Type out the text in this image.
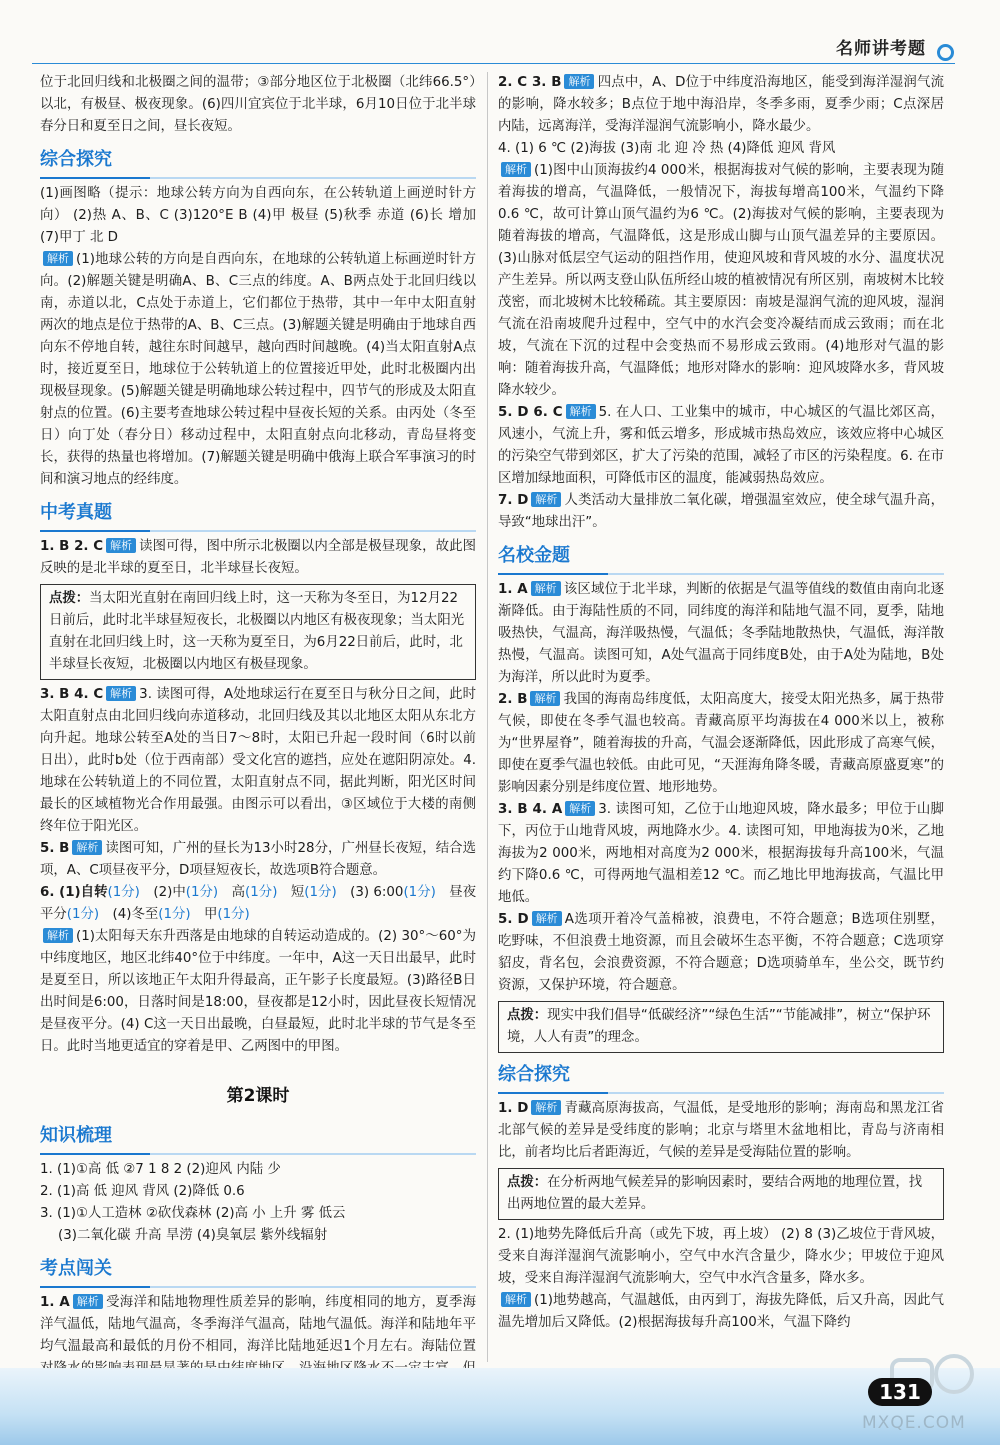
名师讲考题

位于北回归线和北极圈之间的温带；③部分地区位于北极圈（北纬66.5°）以北，有极昼、极夜现象。(6)四川宜宾位于北半球，6月10日位于北半球春分日和夏至日之间，昼长夜短。

综合探究

(1)画图略（提示：地球公转方向为自西向东，在公转轨道上画逆时针方向） (2)热 A、B、C (3)120°E B (4)甲 极昼 (5)秋季 赤道 (6)长 增加 (7)甲丁 北 D

解析 (1)地球公转的方向是自西向东，在地球的公转轨道上标画逆时针方向。(2)解题关键是明确A、B、C三点的纬度。A、B两点处于北回归线以南，赤道以北，C点处于赤道上，它们都位于热带，其中一年中太阳直射两次的地点是位于热带的A、B、C三点。(3)解题关键是明确由于地球自西向东不停地自转，越往东时间越早，越向西时间越晚。(4)当太阳直射A点时，接近夏至日，地球位于公转轨道上的位置接近甲处，此时北极圈内出现极昼现象。(5)解题关键是明确地球公转过程中，四节气的形成及太阳直射点的位置。(6)主要考查地球公转过程中昼夜长短的关系。由丙处（冬至日）向丁处（春分日）移动过程中，太阳直射点向北移动，青岛昼将变长，获得的热量也将增加。(7)解题关键是明确中俄海上联合军事演习的时间和演习地点的经纬度。

中考真题

1. B 2. C 解析 读图可得，图中所示北极圈以内全部是极昼现象，故此图反映的是北半球的夏至日，北半球昼长夜短。

点拨：当太阳光直射在南回归线上时，这一天称为冬至日，为12月22日前后，此时北半球昼短夜长，北极圈以内地区有极夜现象；当太阳光直射在北回归线上时，这一天称为夏至日，为6月22日前后，此时，北半球昼长夜短，北极圈以内地区有极昼现象。

3. B 4. C 解析 3. 读图可得，A处地球运行在夏至日与秋分日之间，此时太阳直射点由北回归线向赤道移动，北回归线及其以北地区太阳从东北方向升起。地球公转至A处的当日7～8时，太阳已升起一段时间（6时以前日出），此时b处（位于西南部）受文化宫的遮挡，应处在遮阳阴凉处。4. 地球在公转轨道上的不同位置，太阳直射点不同，据此判断，阳光区时间最长的区域植物光合作用最强。由图示可以看出，③区域位于大楼的南侧终年位于阳光区。

5. B 解析 读图可知，广州的昼长为13小时28分，广州昼长夜短，结合选项，A、C项昼夜平分，D项昼短夜长，故选项B符合题意。

6. (1)自转(1分)　 (2)中(1分)　 高(1分)　 短(1分)　 (3) 6:00(1分)　 昼夜平分(1分)　 (4)冬至(1分)　 甲(1分)

解析 (1)太阳每天东升西落是由地球的自转运动造成的。(2) 30°～60°为中纬度地区，地区北纬40°位于中纬度。一年中，A这一天日出最早，此时是夏至日，所以该地正午太阳升得最高，正午影子长度最短。(3)路径B日出时间是6:00，日落时间是18:00，昼夜都是12小时，因此昼夜长短情况是昼夜平分。(4) C这一天日出最晚，白昼最短，此时北半球的节气是冬至日。此时当地更适宜的穿着是甲、乙两图中的甲图。

第2课时
知识梳理

1. (1)①高 低 ②7 1 8 2 (2)迎风 内陆 少

2. (1)高 低 迎风 背风 (2)降低 0.6

3. (1)①人工造林 ②砍伐森林 (2)高 小 上升 雾 低云

(3)二氧化碳 升高 旱涝 (4)臭氧层 紫外线辐射

考点闯关

1. A 解析 受海洋和陆地物理性质差异的影响，纬度相同的地方，夏季海洋气温低，陆地气温高，冬季海洋气温高，陆地气温低。海洋和陆地年平均气温最高和最低的月份不相同，海洋比陆地延迟1个月左右。海陆位置

2. C 3. B 解析 四点中，A、D位于中纬度沿海地区，能受到海洋湿润气流的影响，降水较多；B点位于地中海沿岸，冬季多雨，夏季少雨；C点深居内陆，远离海洋，受海洋湿润气流影响小，降水最少。

4. (1) 6 ℃ (2)海拔 (3)南 北 迎 冷 热 (4)降低 迎风 背风

解析 (1)图中山顶海拔约4 000米，根据海拔对气候的影响，主要表现为随着海拔的增高，气温降低，一般情况下，海拔每增高100米，气温约下降0.6 ℃，故可计算山顶气温约为6 ℃。(2)海拔对气候的影响，主要表现为随着海拔的增高，气温降低，这是形成山脚与山顶气温差异的主要原因。(3)山脉对低层空气运动的阻挡作用，使迎风坡和背风坡的水分、温度状况产生差异。所以两支登山队伍所经山坡的植被情况有所区别，南坡树木比较茂密，而北坡树木比较稀疏。其主要原因：南坡是湿润气流的迎风坡，湿润气流在沿南坡爬升过程中，空气中的水汽会变冷凝结而成云致雨；而在北坡，气流在下沉的过程中会变热而不易形成云致雨。(4)地形对气温的影响：随着海拔升高，气温降低；地形对降水的影响：迎风坡降水多，背风坡降水较少。

5. D 6. C 解析 5. 在人口、工业集中的城市，中心城区的气温比郊区高，风速小，气流上升，雾和低云增多，形成城市热岛效应，该效应将中心城区的污染空气带到郊区，扩大了污染的范围，减轻了市区的污染程度。6. 在市区增加绿地面积，可降低市区的温度，能减弱热岛效应。

7. D 解析 人类活动大量排放二氧化碳，增强温室效应，使全球气温升高，导致“地球出汗”。

名校金题

1. A 解析 该区域位于北半球，判断的依据是气温等值线的数值由南向北逐渐降低。由于海陆性质的不同，同纬度的海洋和陆地气温不同，夏季，陆地吸热快，气温高，海洋吸热慢，气温低；冬季陆地散热快，气温低，海洋散热慢，气温高。读图可知，A处气温高于同纬度B处，由于A处为陆地，B处为海洋，所以此时为夏季。

2. B 解析 我国的海南岛纬度低，太阳高度大，接受太阳光热多，属于热带气候，即使在冬季气温也较高。青藏高原平均海拔在4 000米以上，被称为“世界屋脊”，随着海拔的升高，气温会逐渐降低，因此形成了高寒气候，即使在夏季气温也较低。由此可见，“天涯海角降冬暖，青藏高原盛夏寒”的影响因素分别是纬度位置、地形地势。

3. B 4. A 解析 3. 读图可知，乙位于山地迎风坡，降水最多；甲位于山脚下，丙位于山地背风坡，两地降水少。4. 读图可知，甲地海拔为0米，乙地海拔为2 000米，两地相对高度为2 000米，根据海拔每升高100米，气温约下降0.6 ℃，可得两地气温相差12 ℃。而乙地比甲地海拔高，气温比甲地低。

5. D 解析 A选项开着冷气盖棉被，浪费电，不符合题意；B选项住别墅，吃野味，不但浪费土地资源，而且会破坏生态平衡，不符合题意；C选项穿貂皮，背名包，会浪费资源，不符合题意；D选项骑单车，坐公交，既节约资源，又保护环境，符合题意。

点拨：现实中我们倡导“低碳经济”“绿色生活”“节能减排”，树立“保护环境，人人有责”的理念。
综合探究

1. D 解析 青藏高原海拔高，气温低，是受地形的影响；海南岛和黑龙江省北部气候的差异是受纬度的影响；北京与塔里木盆地相比，青岛与济南相比，前者均比后者距海近，气候的差异是受海陆位置的影响。

点拨：在分析两地气候差异的影响因素时，要结合两地的地理位置，找出两地位置的最大差异。

2. (1)地势先降低后升高（或先下坡，再上坡） (2) 8 (3)乙坡位于背风坡，受来自海洋湿润气流影响小，空气中水汽含量少，降水少；甲坡位于迎风坡，受来自海洋湿润气流影响大，空气中水汽含量多，降水多。

解析 (1)地势越高，气温越低，由丙到丁，海拔先降低，后又升高，因此气温先增加后又降低。(2)根据海拔每升高100米，气温下降约

131
MXQE.COM
